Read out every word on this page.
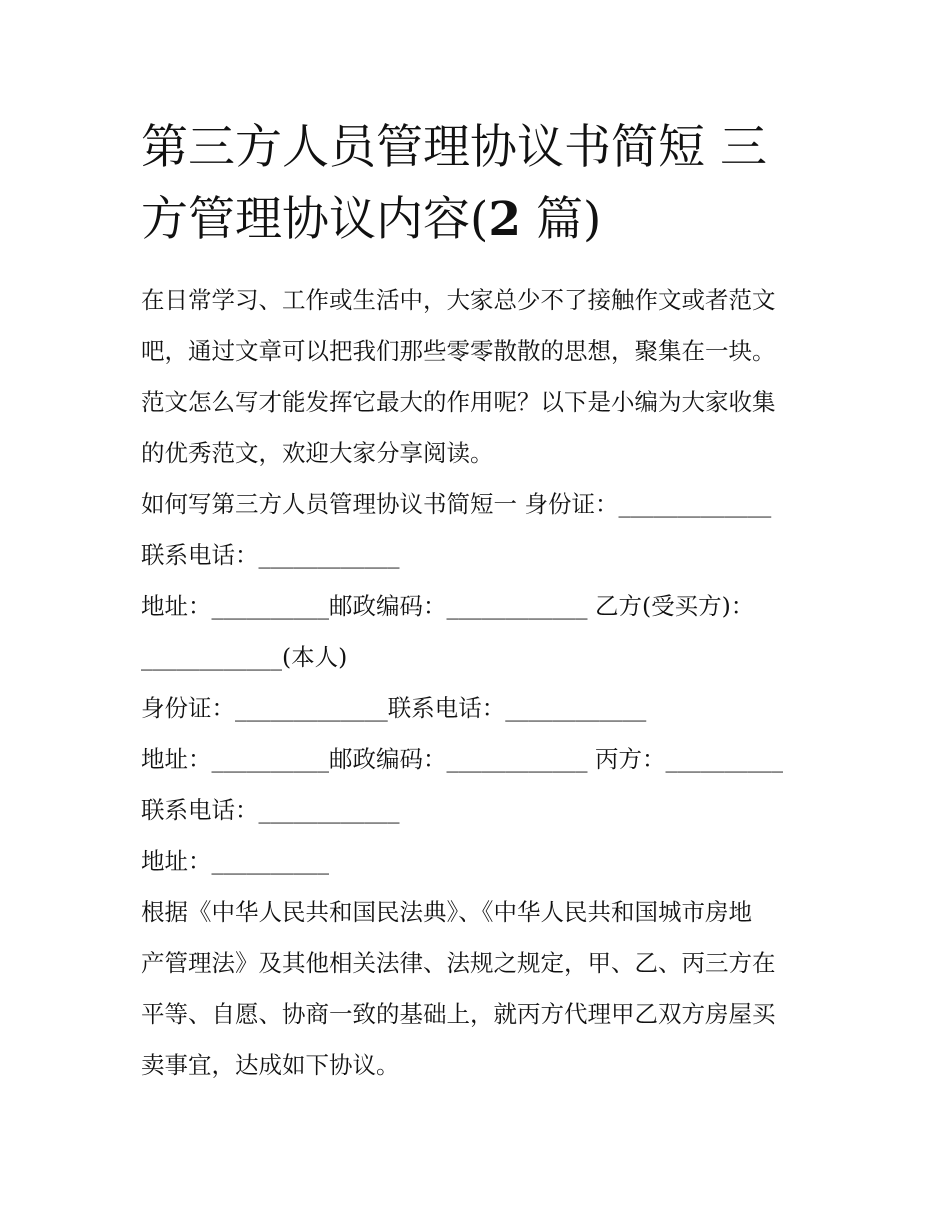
第三方人员管理协议书简短 三
方管理协议内容(2 篇)

在日常学习、工作或生活中，大家总少不了接触作文或者范文

吧，通过文章可以把我们那些零零散散的思想，聚集在一块。

范文怎么写才能发挥它最大的作用呢？以下是小编为大家收集

的优秀范文，欢迎大家分享阅读。

如何写第三方人员管理协议书简短一 身份证：_____________

联系电话：____________

地址：__________邮政编码：____________ 乙方(受买方)：

____________(本人)

身份证：_____________联系电话：____________

地址：__________邮政编码：____________ 丙方：__________

联系电话：____________

地址：__________

根据《中华人民共和国民法典》、《中华人民共和国城市房地

产管理法》及其他相关法律、法规之规定，甲、乙、丙三方在

平等、自愿、协商一致的基础上，就丙方代理甲乙双方房屋买

卖事宜，达成如下协议。
